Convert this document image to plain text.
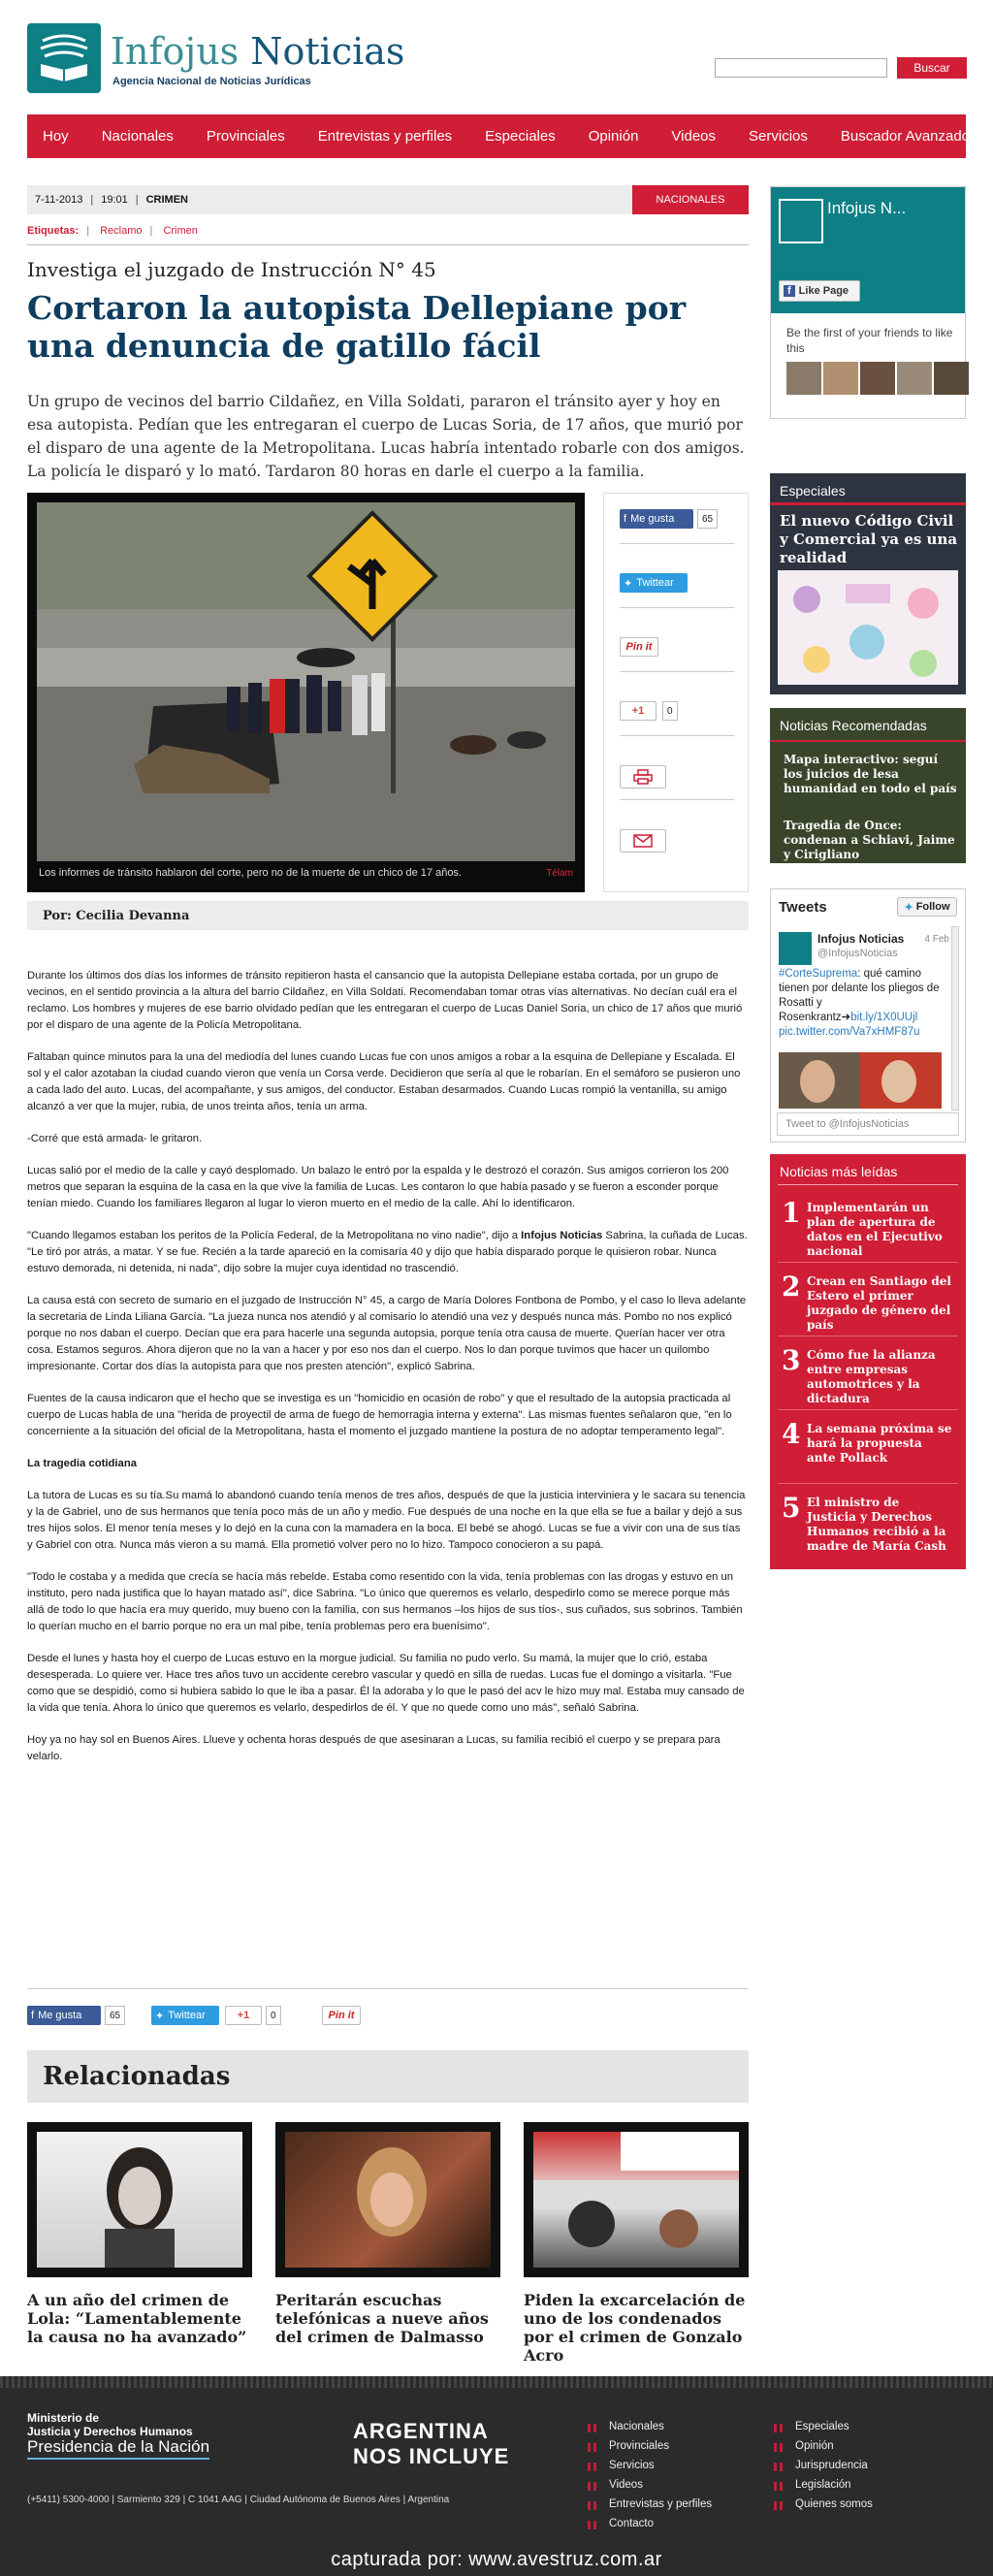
Infojus Noticias
Agencia Nacional de Noticias Jurídicas
Buscar
Hoy	Nacionales	Provinciales	Entrevistas y perfiles	Especiales	Opinión	Videos	Servicios	Buscador Avanzado
7-11-2013 | 19:01 | CRIMEN	NACIONALES
Etiquetas: | Reclamo | Crimen
Investiga el juzgado de Instrucción N° 45
Cortaron la autopista Dellepiane por una denuncia de gatillo fácil
Un grupo de vecinos del barrio Cildañez, en Villa Soldati, pararon el tránsito ayer y hoy en esa autopista. Pedían que les entregaran el cuerpo de Lucas Soria, de 17 años, que murió por el disparo de una agente de la Metropolitana. Lucas habría intentado robarle con dos amigos. La policía le disparó y lo mató. Tardaron 80 horas en darle el cuerpo a la familia.
Los informes de tránsito hablaron del corte, pero no de la muerte de un chico de 17 años.	Télam
f Me gusta	65
✦ Twittear
Pin it
+1	0
Por: Cecilia Devanna

Durante los últimos dos días los informes de tránsito repitieron hasta el cansancio que la autopista Dellepiane estaba cortada, por un grupo de vecinos, en el sentido provincia a la altura del barrio Cildañez, en Villa Soldati. Recomendaban tomar otras vías alternativas. No decían cuál era el reclamo. Los hombres y mujeres de ese barrio olvidado pedían que les entregaran el cuerpo de Lucas Daniel Soria, un chico de 17 años que murió por el disparo de una agente de la Policía Metropolitana.

Faltaban quince minutos para la una del mediodía del lunes cuando Lucas fue con unos amigos a robar a la esquina de Dellepiane y Escalada. El sol y el calor azotaban la ciudad cuando vieron que venía un Corsa verde. Decidieron que sería al que le robarían. En el semáforo se pusieron uno a cada lado del auto. Lucas, del acompañante, y sus amigos, del conductor. Estaban desarmados. Cuando Lucas rompió la ventanilla, su amigo alcanzó a ver que la mujer, rubia, de unos treinta años, tenía un arma.

-Corré que está armada- le gritaron.

Lucas salió por el medio de la calle y cayó desplomado. Un balazo le entró por la espalda y le destrozó el corazón. Sus amigos corrieron los 200 metros que separan la esquina de la casa en la que vive la familia de Lucas. Les contaron lo que había pasado y se fueron a esconder porque tenían miedo. Cuando los familiares llegaron al lugar lo vieron muerto en el medio de la calle. Ahí lo identificaron.

"Cuando llegamos estaban los peritos de la Policía Federal, de la Metropolitana no vino nadie", dijo a Infojus Noticias Sabrina, la cuñada de Lucas. "Le tiró por atrás, a matar. Y se fue. Recién a la tarde apareció en la comisaría 40 y dijo que había disparado porque le quisieron robar. Nunca estuvo demorada, ni detenida, ni nada", dijo sobre la mujer cuya identidad no trascendió.

La causa está con secreto de sumario en el juzgado de Instrucción N° 45, a cargo de María Dolores Fontbona de Pombo, y el caso lo lleva adelante la secretaria de Linda Liliana García. "La jueza nunca nos atendió y al comisario lo atendió una vez y después nunca más. Pombo no nos explicó porque no nos daban el cuerpo. Decían que era para hacerle una segunda autopsia, porque tenía otra causa de muerte. Querían hacer ver otra cosa. Estamos seguros. Ahora dijeron que no la van a hacer y por eso nos dan el cuerpo. Nos lo dan porque tuvimos que hacer un quilombo impresionante. Cortar dos días la autopista para que nos presten atención", explicó Sabrina.

Fuentes de la causa indicaron que el hecho que se investiga es un "homicidio en ocasión de robo" y que el resultado de la autopsia practicada al cuerpo de Lucas habla de una "herida de proyectil de arma de fuego de hemorragia interna y externa". Las mismas fuentes señalaron que, "en lo concerniente a la situación del oficial de la Metropolitana, hasta el momento el juzgado mantiene la postura de no adoptar temperamento legal".

La tragedia cotidiana

La tutora de Lucas es su tía.Su mamá lo abandonó cuando tenía menos de tres años, después de que la justicia interviniera y le sacara su tenencia y la de Gabriel, uno de sus hermanos que tenía poco más de un año y medio. Fue después de una noche en la que ella se fue a bailar y dejó a sus tres hijos solos. El menor tenía meses y lo dejó en la cuna con la mamadera en la boca. El bebé se ahogó. Lucas se fue a vivir con una de sus tías y Gabriel con otra. Nunca más vieron a su mamá. Ella prometió volver pero no lo hizo. Tampoco conocieron a su papá.

"Todo le costaba y a medida que crecía se hacía más rebelde. Estaba como resentido con la vida, tenía problemas con las drogas y estuvo en un instituto, pero nada justifica que lo hayan matado así", dice Sabrina. "Lo único que queremos es velarlo, despedirlo como se merece porque más allá de todo lo que hacía era muy querido, muy bueno con la familia, con sus hermanos –los hijos de sus tíos-, sus cuñados, sus sobrinos. También lo querían mucho en el barrio porque no era un mal pibe, tenía problemas pero era buenísimo".

Desde el lunes y hasta hoy el cuerpo de Lucas estuvo en la morgue judicial. Su familia no pudo verlo. Su mamá, la mujer que lo crió, estaba desesperada. Lo quiere ver. Hace tres años tuvo un accidente cerebro vascular y quedó en silla de ruedas. Lucas fue el domingo a visitarla. "Fue como que se despidió, como si hubiera sabido lo que le iba a pasar. Él la adoraba y lo que le pasó del acv le hizo muy mal. Estaba muy cansado de la vida que tenía. Ahora lo único que queremos es velarlo, despedirlos de él. Y que no quede como uno más", señaló Sabrina.

Hoy ya no hay sol en Buenos Aires. Llueve y ochenta horas después de que asesinaran a Lucas, su familia recibió el cuerpo y se prepara para velarlo.

f Me gusta	65	✦ Twittear	+1	0	Pin it
Relacionadas
A un año del crimen de Lola: “Lamentablemente la causa no ha avanzado”
Peritarán escuchas telefónicas a nueve años del crimen de Dalmasso
Piden la excarcelación de uno de los condenados por el crimen de Gonzalo Acro
Infojus N...
f Like Page
Be the first of your friends to like this
Especiales
El nuevo Código Civil y Comercial ya es una realidad
Noticias Recomendadas
Mapa interactivo: seguí los juicios de lesa humanidad en todo el país
Tragedia de Once: condenan a Schiavi, Jaime y Cirigliano
Tweets	✦ Follow
Infojus Noticias
@InfojusNoticias
4 Feb
#CorteSuprema: qué camino tienen por delante los pliegos de Rosatti y Rosenkrantz➜bit.ly/1X0UUjl pic.twitter.com/Va7xHMF87u
Tweet to @InfojusNoticias
Noticias más leídas
1 Implementarán un plan de apertura de datos en el Ejecutivo nacional
2 Crean en Santiago del Estero el primer juzgado de género del país
3 Cómo fue la alianza entre empresas automotrices y la dictadura
4 La semana próxima se hará la propuesta ante Pollack
5 El ministro de Justicia y Derechos Humanos recibió a la madre de María Cash
Ministerio de
Justicia y Derechos Humanos
Presidencia de la Nación
ARGENTINA
NOS INCLUYE
(+5411) 5300-4000 | Sarmiento 329 | C 1041 AAG | Ciudad Autónoma de Buenos Aires | Argentina
Nacionales
Provinciales
Servicios
Videos
Entrevistas y perfiles
Contacto
Especiales
Opinión
Jurisprudencia
Legislación
Quienes somos
capturada por: www.avestruz.com.ar
